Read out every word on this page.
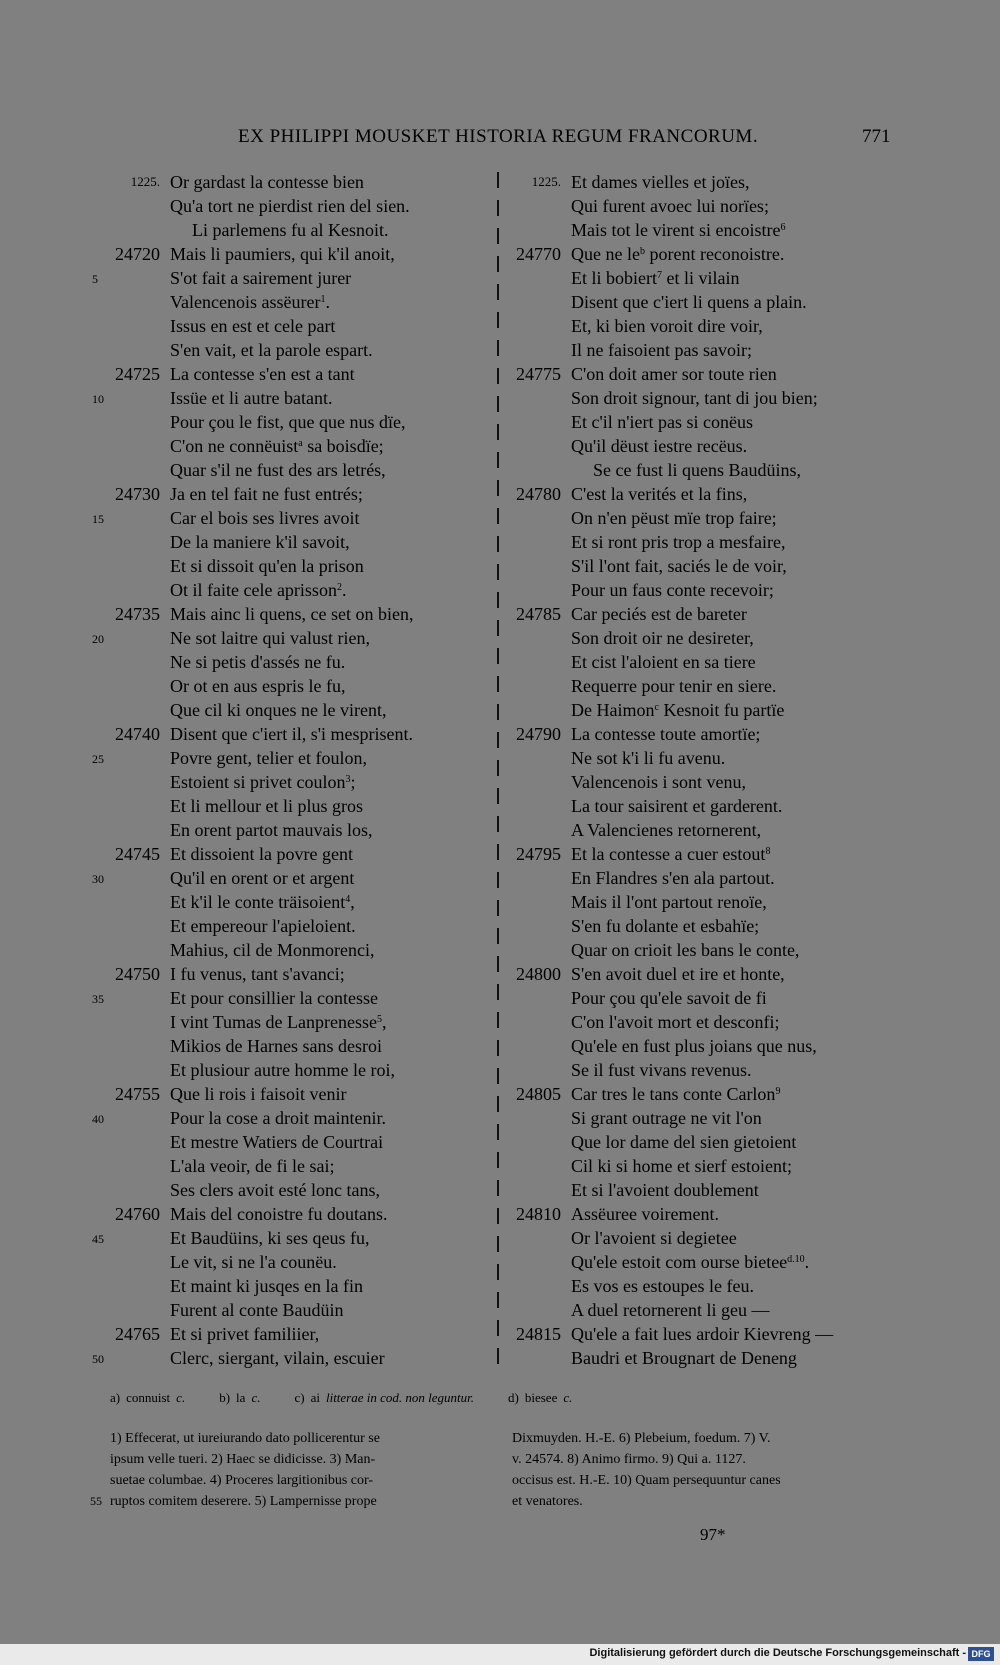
EX PHILIPPI MOUSKET HISTORIA REGUM FRANCORUM.	771
1225. Or gardast la contesse bien
Qu'a tort ne pierdist rien del sien.
Li parlemens fu al Kesnoit.
24720 Mais li paumiers, qui k'il anoit,
5	S'ot fait a sairement jurer
Valencenois assëurer$^1$.
Issus en est et cele part
S'en vait, et la parole espart.
24725 La contesse s'en est a tant
10	Issüe et li autre batant.
Pour çou le fist, que que nus dïe,
C'on ne connëuist$^a$ sa boisdïe;
Quar s'il ne fust des ars letrés,
24730 Ja en tel fait ne fust entrés;
15	Car el bois ses livres avoit
De la maniere k'il savoit,
Et si dissoit qu'en la prison
Ot il faite cele aprisson$^2$.
24735 Mais ainc li quens, ce set on bien,
20	Ne sot laitre qui valust rien,
Ne si petis d'assés ne fu.
Or ot en aus espris le fu,
Que cil ki onques ne le virent,
24740 Disent que c'iert il, s'i mesprisent.
25	Povre gent, telier et foulon,
Estoient si privet coulon$^3$;
Et li mellour et li plus gros
En orent partot mauvais los,
24745 Et dissoient la povre gent
30	Qu'il en orent or et argent
Et k'il le conte träisoient$^4$,
Et empereour l'apieloient.
Mahius, cil de Monmorenci,
24750 I fu venus, tant s'avanci;
35	Et pour consillier la contesse
I vint Tumas de Lanprenesse$^5$,
Mikios de Harnes sans desroi
Et plusiour autre homme le roi,
24755 Que li rois i faisoit venir
40	Pour la cose a droit maintenir.
Et mestre Watiers de Courtrai
L'ala veoir, de fi le sai;
Ses clers avoit esté lonc tans,
24760 Mais del conoistre fu doutans.
45	Et Baudüins, ki ses qeus fu,
Le vit, si ne l'a counëu.
Et maint ki jusqes en la fin
Furent al conte Baudüin
24765 Et si privet familiier,
50	Clerc, siergant, vilain, escuier
1225. Et dames vielles et joïes,
Qui furent avoec lui norïes;
Mais tot le virent si encoistre$^6$
24770 Que ne $le^b$ porent reconoistre.
Et li bobiert$^7$ et li vilain
Disent que c'iert li quens a plain.
Et, ki bien voroit dire voir,
Il ne faisoient pas savoir;
24775 C'on doit amer sor toute rien
Son droit signour, tant di jou bien;
Et c'il n'iert pas si conëus
Qu'il dëust iestre recëus.
Se ce fust li quens Baudüins,
24780 C'est la verités et la fins,
On n'en pëust mïe trop faire;
Et si ront pris trop a mesfaire,
S'il l'ont fait, saciés le de voir,
Pour un faus conte recevoir;
24785 Car peciés est de bareter
Son droit oir ne desireter,
Et cist l'aloient en sa tiere
Requerre pour tenir en siere.
De Haimon$^c$ Kesnoit fu partïe
24790 La contesse toute amortïe;
Ne sot k'i li fu avenu.
Valencenois i sont venu,
La tour saisirent et garderent.
A Valencienes retornerent,
24795 Et la contesse a cuer estout$^8$
En Flandres s'en ala partout.
Mais il l'ont partout renoïe,
S'en fu dolante et esbahïe;
Quar on crioit les bans le conte,
24800 S'en avoit duel et ire et honte,
Pour çou qu'ele savoit de fi
C'on l'avoit mort et desconfi;
Qu'ele en fust plus joians que nus,
Se il fust vivans revenus.
24805 Car tres le tans conte Carlon$^9$
Si grant outrage ne vit l'on
Que lor dame del sien gietoient
Cil ki si home et sierf estoient;
Et si l'avoient doublement
24810 Assëuree voirement.
Or l'avoient si degietee
Qu'ele estoit com ourse bietee$^{d.10}$.
Es vos es estoupes le feu.
A duel retornerent li geu —
24815 Qu'ele a fait lues ardoir Kievreng —
Baudri et Brougnart de Deneng
a) connuist c.	b) la c.	c) ai litterae in cod. non leguntur.	d) biesee c.
1) Effecerat, ut iureiurando dato pollicerentur se
ipsum velle tueri. 2) Haec se didicisse. 3) Man-
suetae columbae. 4) Proceres largitionibus cor-
55 ruptos comitem deserere. 5) Lampernisse prope
Dixmuyden. H.-E. 6) Plebeium, foedum. 7) V.
v. 24574. 8) Animo firmo. 9) Qui a. 1127.
occisus est. H.-E. 10) Quam persequuntur canes
et venatores.
97*
Digitalisierung gefördert durch die Deutsche Forschungsgemeinschaft - DFG
